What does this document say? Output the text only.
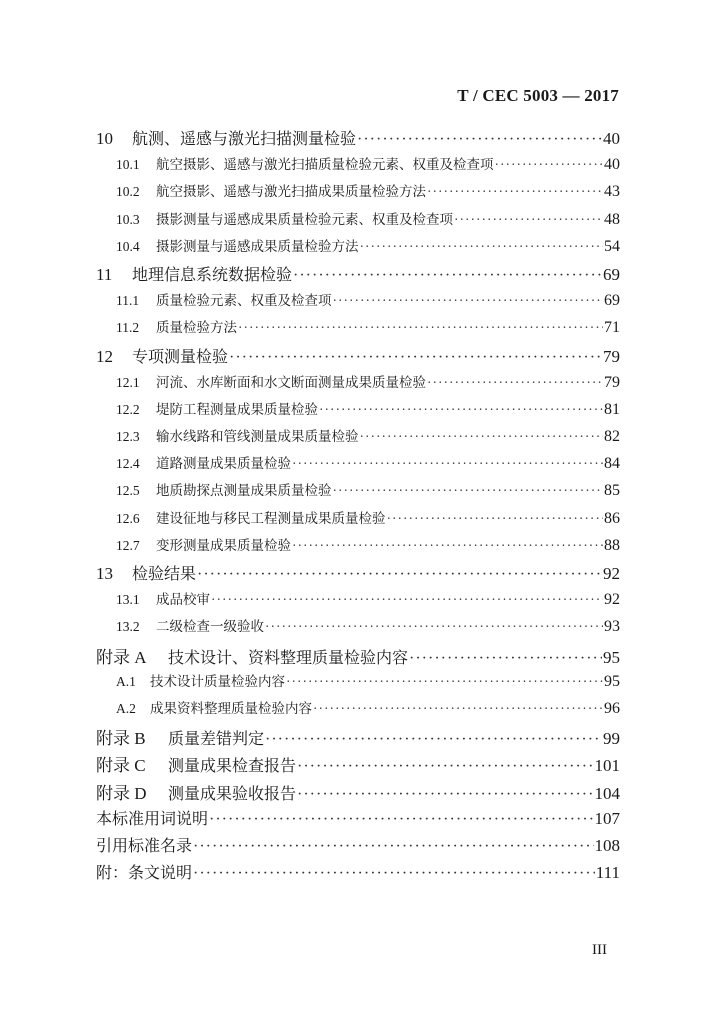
T / CEC 5003 — 2017
10	航测、遥感与激光扫描测量检验 ·····	40
10.1	航空摄影、遥感与激光扫描质量检验元素、权重及检查项 ·····	40
10.2	航空摄影、遥感与激光扫描成果质量检验方法 ·····	43
10.3	摄影测量与遥感成果质量检验元素、权重及检查项 ·····	48
10.4	摄影测量与遥感成果质量检验方法 ·····	54
11	地理信息系统数据检验 ·····	69
11.1	质量检验元素、权重及检查项 ·····	69
11.2	质量检验方法 ·····	71
12	专项测量检验 ·····	79
12.1	河流、水库断面和水文断面测量成果质量检验 ·····	79
12.2	堤防工程测量成果质量检验 ·····	81
12.3	输水线路和管线测量成果质量检验 ·····	82
12.4	道路测量成果质量检验 ·····	84
12.5	地质勘探点测量成果质量检验 ·····	85
12.6	建设征地与移民工程测量成果质量检验 ·····	86
12.7	变形测量成果质量检验 ·····	88
13	检验结果 ·····	92
13.1	成品校审 ·····	92
13.2	二级检查一级验收 ·····	93
附录 A	技术设计、资料整理质量检验内容 ·····	95
A.1	技术设计质量检验内容 ·····	95
A.2	成果资料整理质量检验内容 ·····	96
附录 B	质量差错判定 ·····	99
附录 C	测量成果检查报告 ·····	101
附录 D	测量成果验收报告 ·····	104
本标准用词说明 ·····	107
引用标准名录 ·····	108
附：条文说明 ·····	111
III
